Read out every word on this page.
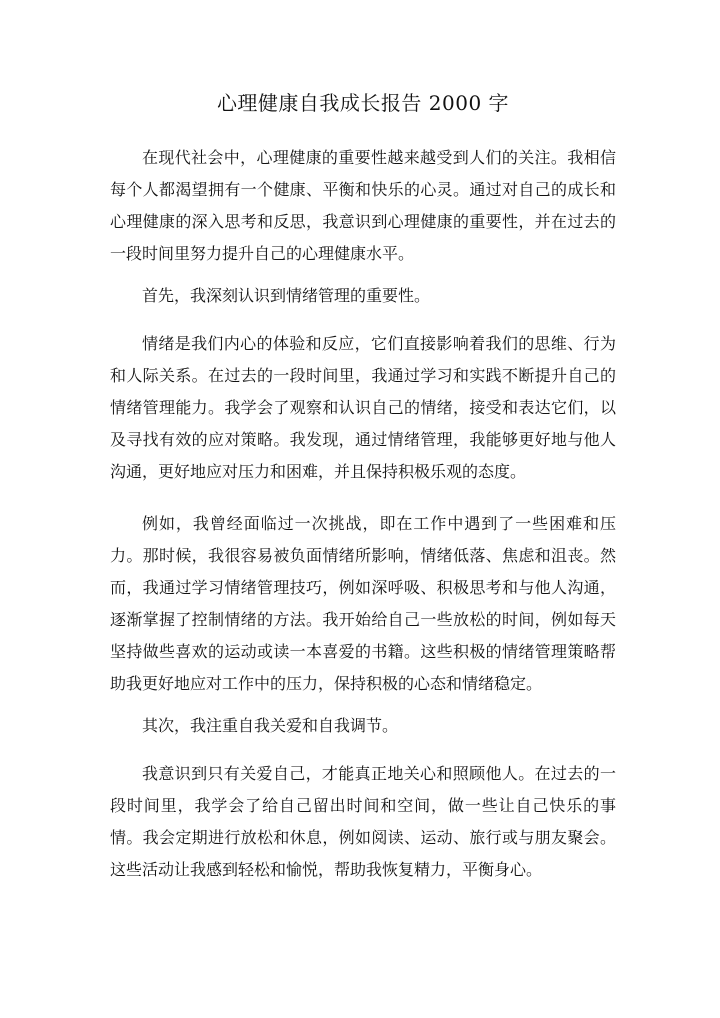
心理健康自我成长报告 2000 字

在现代社会中，心理健康的重要性越来越受到人们的关注。我相信每个人都渴望拥有一个健康、平衡和快乐的心灵。通过对自己的成长和心理健康的深入思考和反思，我意识到心理健康的重要性，并在过去的一段时间里努力提升自己的心理健康水平。

首先，我深刻认识到情绪管理的重要性。

情绪是我们内心的体验和反应，它们直接影响着我们的思维、行为和人际关系。在过去的一段时间里，我通过学习和实践不断提升自己的情绪管理能力。我学会了观察和认识自己的情绪，接受和表达它们，以及寻找有效的应对策略。我发现，通过情绪管理，我能够更好地与他人沟通，更好地应对压力和困难，并且保持积极乐观的态度。

例如，我曾经面临过一次挑战，即在工作中遇到了一些困难和压力。那时候，我很容易被负面情绪所影响，情绪低落、焦虑和沮丧。然而，我通过学习情绪管理技巧，例如深呼吸、积极思考和与他人沟通，逐渐掌握了控制情绪的方法。我开始给自己一些放松的时间，例如每天坚持做些喜欢的运动或读一本喜爱的书籍。这些积极的情绪管理策略帮助我更好地应对工作中的压力，保持积极的心态和情绪稳定。

其次，我注重自我关爱和自我调节。

我意识到只有关爱自己，才能真正地关心和照顾他人。在过去的一段时间里，我学会了给自己留出时间和空间，做一些让自己快乐的事情。我会定期进行放松和休息，例如阅读、运动、旅行或与朋友聚会。这些活动让我感到轻松和愉悦，帮助我恢复精力，平衡身心。
